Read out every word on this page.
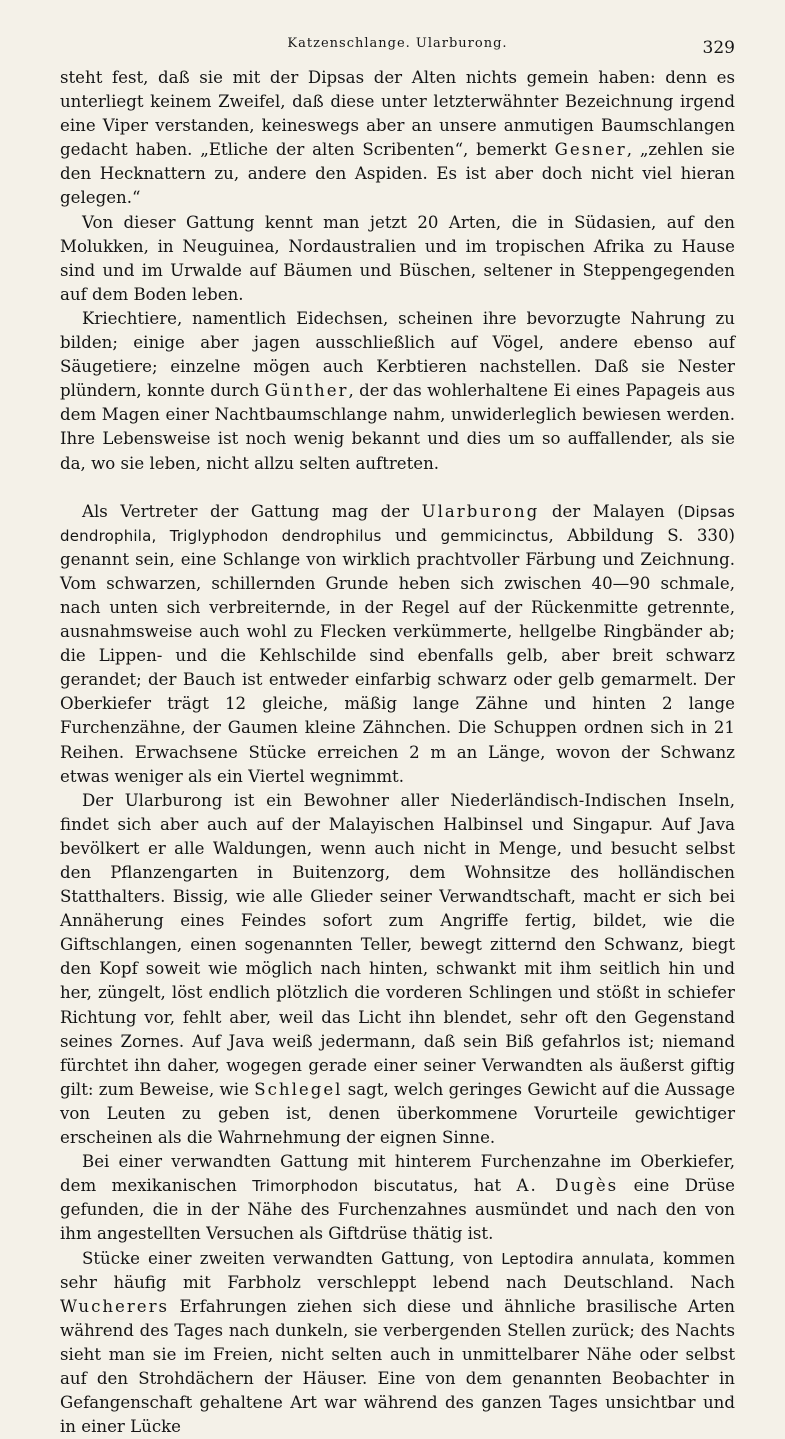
Katzenschlange. Ularburong.	329

steht fest, daß sie mit der Dipsas der Alten nichts gemein haben: denn es unterliegt keinem Zweifel, daß diese unter letzterwähnter Bezeichnung irgend eine Viper verstanden, keineswegs aber an unsere anmutigen Baumschlangen gedacht haben. „Etliche der alten Scribenten“, bemerkt Gesner, „zehlen sie den Hecknattern zu, andere den Aspiden. Es ist aber doch nicht viel hieran gelegen.“

Von dieser Gattung kennt man jetzt 20 Arten, die in Südasien, auf den Molukken, in Neuguinea, Nordaustralien und im tropischen Afrika zu Hause sind und im Urwalde auf Bäumen und Büschen, seltener in Steppengegenden auf dem Boden leben.

Kriechtiere, namentlich Eidechsen, scheinen ihre bevorzugte Nahrung zu bilden; einige aber jagen ausschließlich auf Vögel, andere ebenso auf Säugetiere; einzelne mögen auch Kerbtieren nachstellen. Daß sie Nester plündern, konnte durch Günther, der das wohlerhaltene Ei eines Papageis aus dem Magen einer Nachtbaumschlange nahm, unwiderleglich bewiesen werden. Ihre Lebensweise ist noch wenig bekannt und dies um so auffallender, als sie da, wo sie leben, nicht allzu selten auftreten.

Als Vertreter der Gattung mag der Ularburong der Malayen (Dipsas dendrophila, Triglyphodon dendrophilus und gemmicinctus, Abbildung S. 330) genannt sein, eine Schlange von wirklich prachtvoller Färbung und Zeichnung. Vom schwarzen, schillernden Grunde heben sich zwischen 40—90 schmale, nach unten sich verbreiternde, in der Regel auf der Rückenmitte getrennte, ausnahmsweise auch wohl zu Flecken verkümmerte, hellgelbe Ringbänder ab; die Lippen- und die Kehlschilde sind ebenfalls gelb, aber breit schwarz gerandet; der Bauch ist entweder einfarbig schwarz oder gelb gemarmelt. Der Oberkiefer trägt 12 gleiche, mäßig lange Zähne und hinten 2 lange Furchenzähne, der Gaumen kleine Zähnchen. Die Schuppen ordnen sich in 21 Reihen. Erwachsene Stücke erreichen 2 m an Länge, wovon der Schwanz etwas weniger als ein Viertel wegnimmt.

Der Ularburong ist ein Bewohner aller Niederländisch-Indischen Inseln, findet sich aber auch auf der Malayischen Halbinsel und Singapur. Auf Java bevölkert er alle Waldungen, wenn auch nicht in Menge, und besucht selbst den Pflanzengarten in Buitenzorg, dem Wohnsitze des holländischen Statthalters. Bissig, wie alle Glieder seiner Verwandtschaft, macht er sich bei Annäherung eines Feindes sofort zum Angriffe fertig, bildet, wie die Giftschlangen, einen sogenannten Teller, bewegt zitternd den Schwanz, biegt den Kopf soweit wie möglich nach hinten, schwankt mit ihm seitlich hin und her, züngelt, löst endlich plötzlich die vorderen Schlingen und stößt in schiefer Richtung vor, fehlt aber, weil das Licht ihn blendet, sehr oft den Gegenstand seines Zornes. Auf Java weiß jedermann, daß sein Biß gefahrlos ist; niemand fürchtet ihn daher, wogegen gerade einer seiner Verwandten als äußerst giftig gilt: zum Beweise, wie Schlegel sagt, welch geringes Gewicht auf die Aussage von Leuten zu geben ist, denen überkommene Vorurteile gewichtiger erscheinen als die Wahrnehmung der eignen Sinne.

Bei einer verwandten Gattung mit hinterem Furchenzahne im Oberkiefer, dem mexikanischen Trimorphodon biscutatus, hat A. Dugès eine Drüse gefunden, die in der Nähe des Furchenzahnes ausmündet und nach den von ihm angestellten Versuchen als Giftdrüse thätig ist.

Stücke einer zweiten verwandten Gattung, von Leptodira annulata, kommen sehr häufig mit Farbholz verschleppt lebend nach Deutschland. Nach Wucherers Erfahrungen ziehen sich diese und ähnliche brasilische Arten während des Tages nach dunkeln, sie verbergenden Stellen zurück; des Nachts sieht man sie im Freien, nicht selten auch in unmittelbarer Nähe oder selbst auf den Strohdächern der Häuser. Eine von dem genannten Beobachter in Gefangenschaft gehaltene Art war während des ganzen Tages unsichtbar und in einer Lücke
